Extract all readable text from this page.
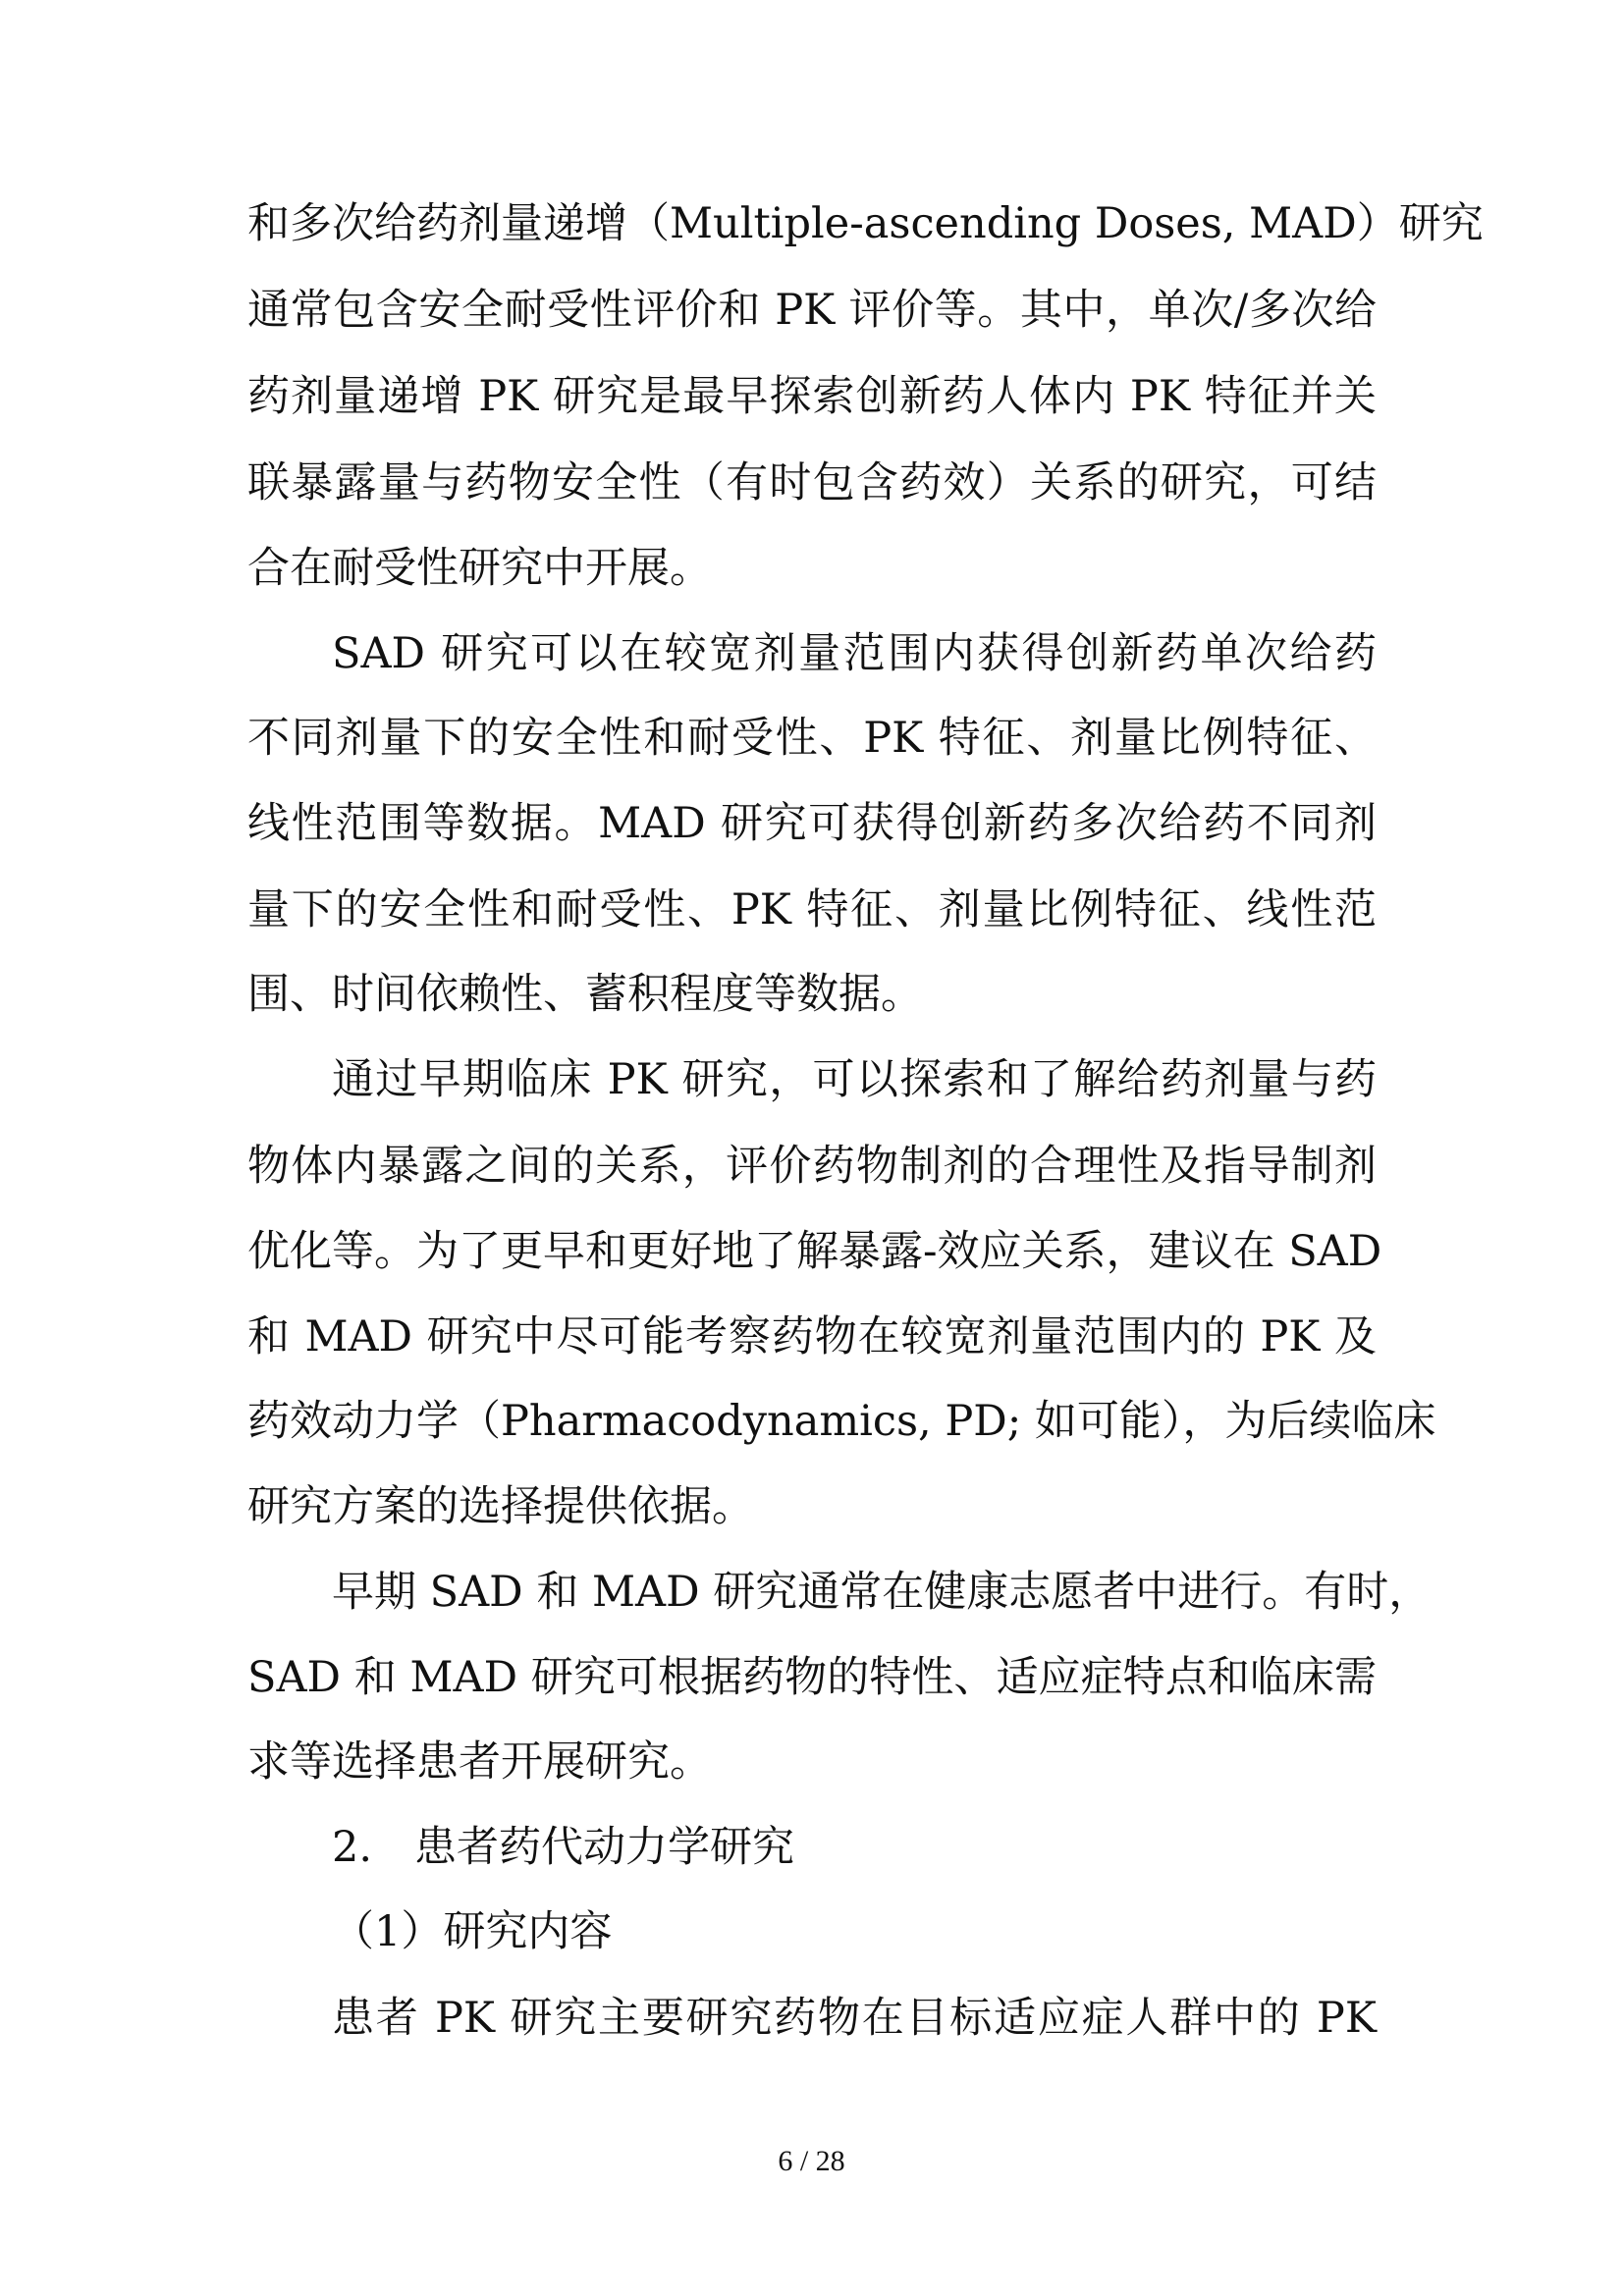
和多次给药剂量递增（Multiple-ascending Doses, MAD）研究
通常包含安全耐受性评价和 PK 评价等。其中，单次/多次给
药剂量递增 PK 研究是最早探索创新药人体内 PK 特征并关
联暴露量与药物安全性（有时包含药效）关系的研究，可结
合在耐受性研究中开展。
SAD 研究可以在较宽剂量范围内获得创新药单次给药
不同剂量下的安全性和耐受性、PK 特征、剂量比例特征、
线性范围等数据。MAD 研究可获得创新药多次给药不同剂
量下的安全性和耐受性、PK 特征、剂量比例特征、线性范
围、时间依赖性、蓄积程度等数据。
通过早期临床 PK 研究，可以探索和了解给药剂量与药
物体内暴露之间的关系，评价药物制剂的合理性及指导制剂
优化等。为了更早和更好地了解暴露-效应关系，建议在 SAD
和 MAD 研究中尽可能考察药物在较宽剂量范围内的 PK 及
药效动力学（Pharmacodynamics, PD; 如可能），为后续临床
研究方案的选择提供依据。
早期 SAD 和 MAD 研究通常在健康志愿者中进行。有时，
SAD 和 MAD 研究可根据药物的特性、适应症特点和临床需
求等选择患者开展研究。
2.　患者药代动力学研究
（1）研究内容
患者 PK 研究主要研究药物在目标适应症人群中的 PK
6 / 28
